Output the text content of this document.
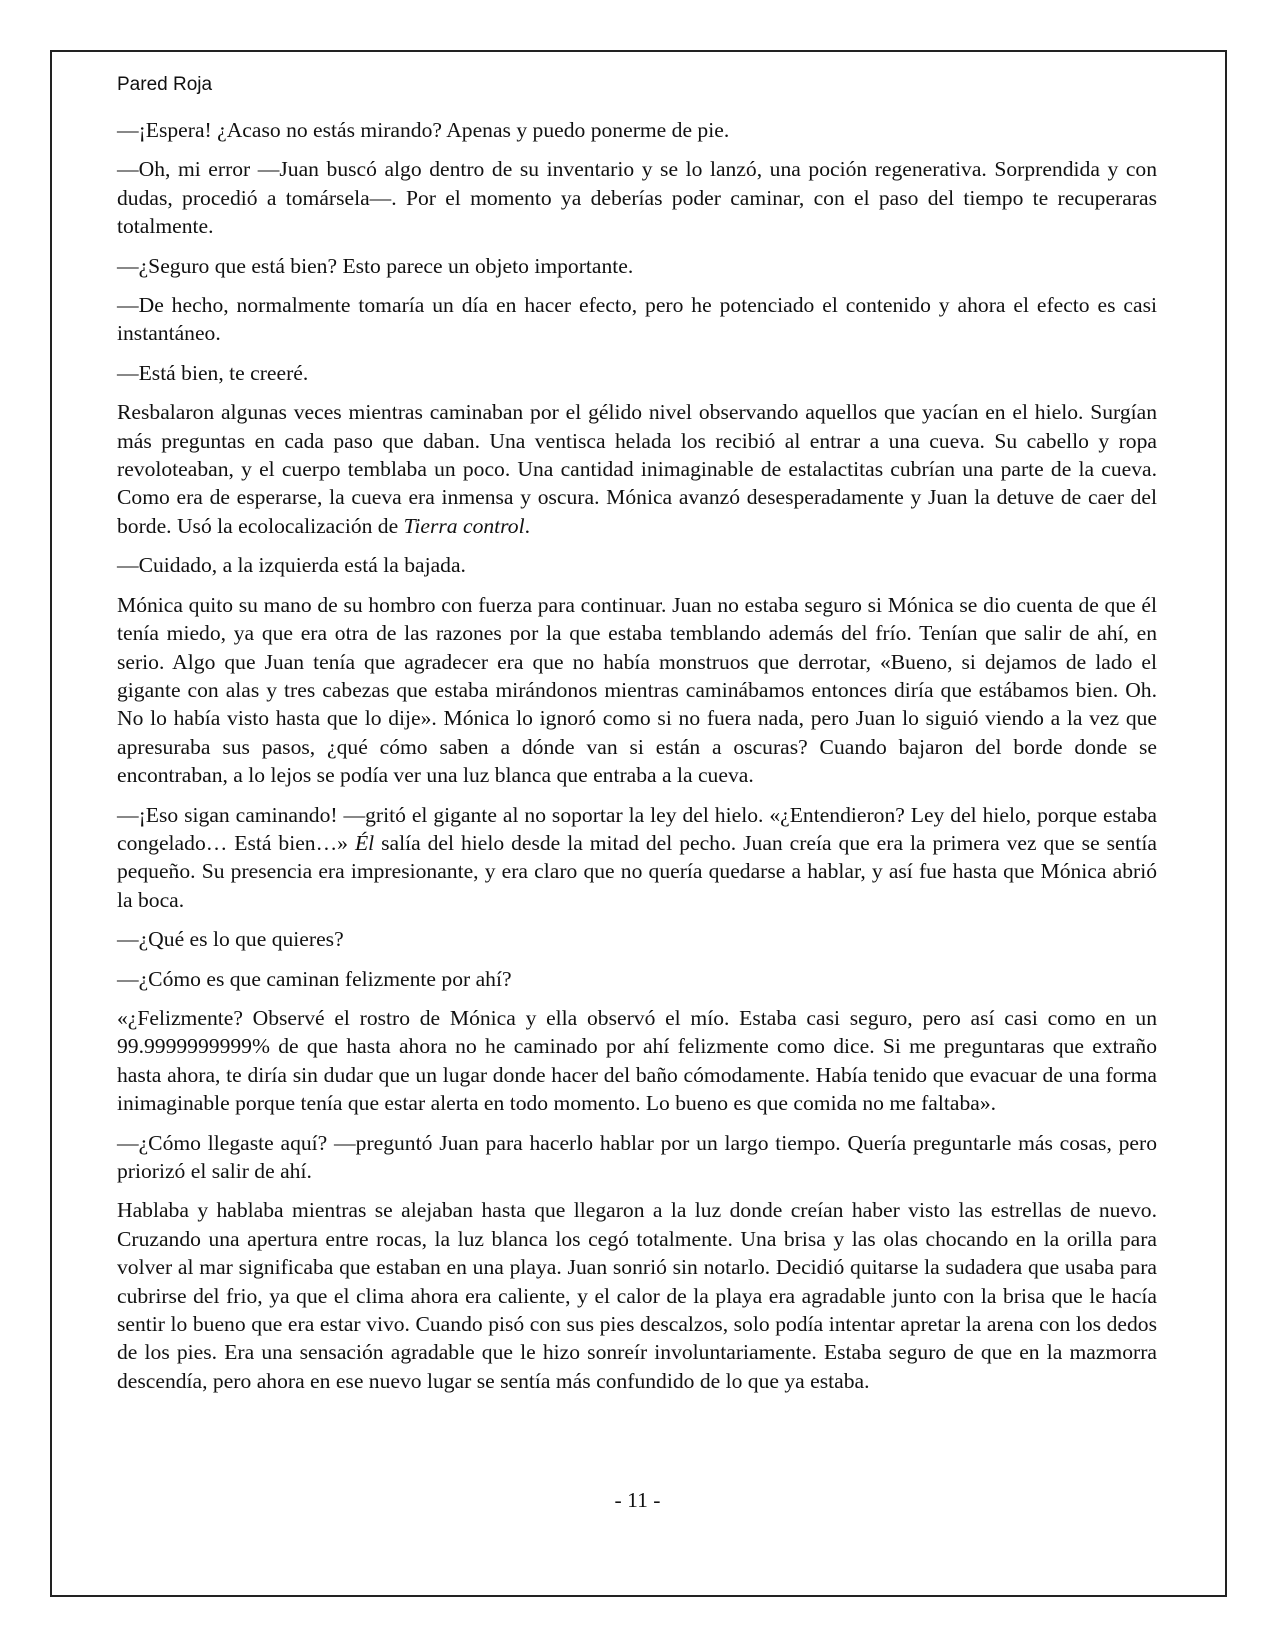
Pared Roja

—¡Espera! ¿Acaso no estás mirando? Apenas y puedo ponerme de pie.

—Oh, mi error —Juan buscó algo dentro de su inventario y se lo lanzó, una poción regenerativa. Sorprendida y con dudas, procedió a tomársela—. Por el momento ya deberías poder caminar, con el paso del tiempo te recuperaras totalmente.

—¿Seguro que está bien? Esto parece un objeto importante.

—De hecho, normalmente tomaría un día en hacer efecto, pero he potenciado el contenido y ahora el efecto es casi instantáneo.

—Está bien, te creeré.

Resbalaron algunas veces mientras caminaban por el gélido nivel observando aquellos que yacían en el hielo. Surgían más preguntas en cada paso que daban. Una ventisca helada los recibió al entrar a una cueva. Su cabello y ropa revoloteaban, y el cuerpo temblaba un poco. Una cantidad inimaginable de estalactitas cubrían una parte de la cueva. Como era de esperarse, la cueva era inmensa y oscura. Mónica avanzó desesperadamente y Juan la detuve de caer del borde. Usó la ecolocalización de Tierra control.

—Cuidado, a la izquierda está la bajada.

Mónica quito su mano de su hombro con fuerza para continuar. Juan no estaba seguro si Mónica se dio cuenta de que él tenía miedo, ya que era otra de las razones por la que estaba temblando además del frío. Tenían que salir de ahí, en serio. Algo que Juan tenía que agradecer era que no había monstruos que derrotar, «Bueno, si dejamos de lado el gigante con alas y tres cabezas que estaba mirándonos mientras caminábamos entonces diría que estábamos bien. Oh. No lo había visto hasta que lo dije». Mónica lo ignoró como si no fuera nada, pero Juan lo siguió viendo a la vez que apresuraba sus pasos, ¿qué cómo saben a dónde van si están a oscuras? Cuando bajaron del borde donde se encontraban, a lo lejos se podía ver una luz blanca que entraba a la cueva.

—¡Eso sigan caminando! —gritó el gigante al no soportar la ley del hielo. «¿Entendieron? Ley del hielo, porque estaba congelado… Está bien…» Él salía del hielo desde la mitad del pecho. Juan creía que era la primera vez que se sentía pequeño. Su presencia era impresionante, y era claro que no quería quedarse a hablar, y así fue hasta que Mónica abrió la boca.

—¿Qué es lo que quieres?

—¿Cómo es que caminan felizmente por ahí?

«¿Felizmente? Observé el rostro de Mónica y ella observó el mío. Estaba casi seguro, pero así casi como en un 99.9999999999% de que hasta ahora no he caminado por ahí felizmente como dice. Si me preguntaras que extraño hasta ahora, te diría sin dudar que un lugar donde hacer del baño cómodamente. Había tenido que evacuar de una forma inimaginable porque tenía que estar alerta en todo momento. Lo bueno es que comida no me faltaba».

—¿Cómo llegaste aquí? —preguntó Juan para hacerlo hablar por un largo tiempo. Quería preguntarle más cosas, pero priorizó el salir de ahí.

Hablaba y hablaba mientras se alejaban hasta que llegaron a la luz donde creían haber visto las estrellas de nuevo. Cruzando una apertura entre rocas, la luz blanca los cegó totalmente. Una brisa y las olas chocando en la orilla para volver al mar significaba que estaban en una playa. Juan sonrió sin notarlo. Decidió quitarse la sudadera que usaba para cubrirse del frio, ya que el clima ahora era caliente, y el calor de la playa era agradable junto con la brisa que le hacía sentir lo bueno que era estar vivo. Cuando pisó con sus pies descalzos, solo podía intentar apretar la arena con los dedos de los pies. Era una sensación agradable que le hizo sonreír involuntariamente. Estaba seguro de que en la mazmorra descendía, pero ahora en ese nuevo lugar se sentía más confundido de lo que ya estaba.

- 11 -
